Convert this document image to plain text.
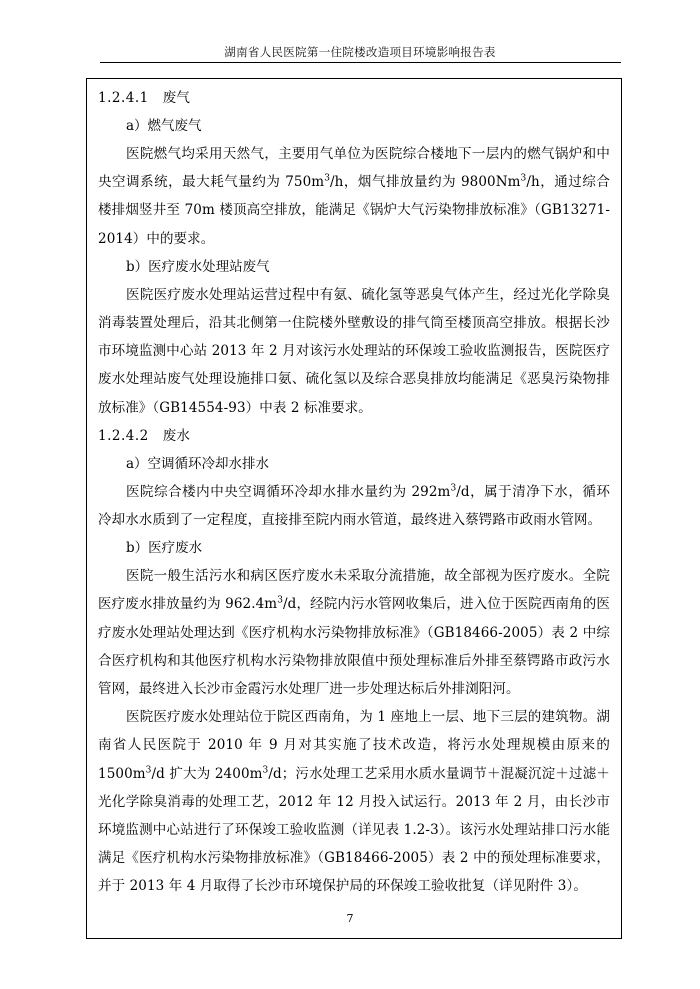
湖南省人民医院第一住院楼改造项目环境影响报告表
1.2.4.1 废气
a）燃气废气

医院燃气均采用天然气，主要用气单位为医院综合楼地下一层内的燃气锅炉和中央空调系统，最大耗气量约为 $750m^3/h$，烟气排放量约为 9800Nm$^3$/h，通过综合楼排烟竖井至 70m 楼顶高空排放，能满足《锅炉大气污染物排放标准》（GB13271-2014）中的要求。

b）医疗废水处理站废气

医院医疗废水处理站运营过程中有氨、硫化氢等恶臭气体产生，经过光化学除臭消毒装置处理后，沿其北侧第一住院楼外壁敷设的排气筒至楼顶高空排放。根据长沙市环境监测中心站 2013 年 2 月对该污水处理站的环保竣工验收监测报告，医院医疗废水处理站废气处理设施排口氨、硫化氢以及综合恶臭排放均能满足《恶臭污染物排放标准》（GB14554-93）中表 2 标准要求。

1.2.4.2 废水
a）空调循环冷却水排水

医院综合楼内中央空调循环冷却水排水量约为 $292m^3/d$，属于清净下水，循环冷却水水质到了一定程度，直接排至院内雨水管道，最终进入蔡锷路市政雨水管网。

b）医疗废水

医院一般生活污水和病区医疗废水未采取分流措施，故全部视为医疗废水。全院医疗废水排放量约为 $962.4m^3/d$，经院内污水管网收集后，进入位于医院西南角的医疗废水处理站处理达到《医疗机构水污染物排放标准》（GB18466-2005）表 2 中综合医疗机构和其他医疗机构水污染物排放限值中预处理标准后外排至蔡锷路市政污水管网，最终进入长沙市金霞污水处理厂进一步处理达标后外排浏阳河。

医院医疗废水处理站位于院区西南角，为 1 座地上一层、地下三层的建筑物。湖南省人民医院于 2010 年 9 月对其实施了技术改造，将污水处理规模由原来的 $1500m^3/d$ 扩大为 $2400m^3/d$；污水处理工艺采用水质水量调节＋混凝沉淀＋过滤＋光化学除臭消毒的处理工艺，2012 年 12 月投入试运行。2013 年 2 月，由长沙市环境监测中心站进行了环保竣工验收监测（详见表 1.2-3）。该污水处理站排口污水能满足《医疗机构水污染物排放标准》（GB18466-2005）表 2 中的预处理标准要求，并于 2013 年 4 月取得了长沙市环境保护局的环保竣工验收批复（详见附件 3）。

7
